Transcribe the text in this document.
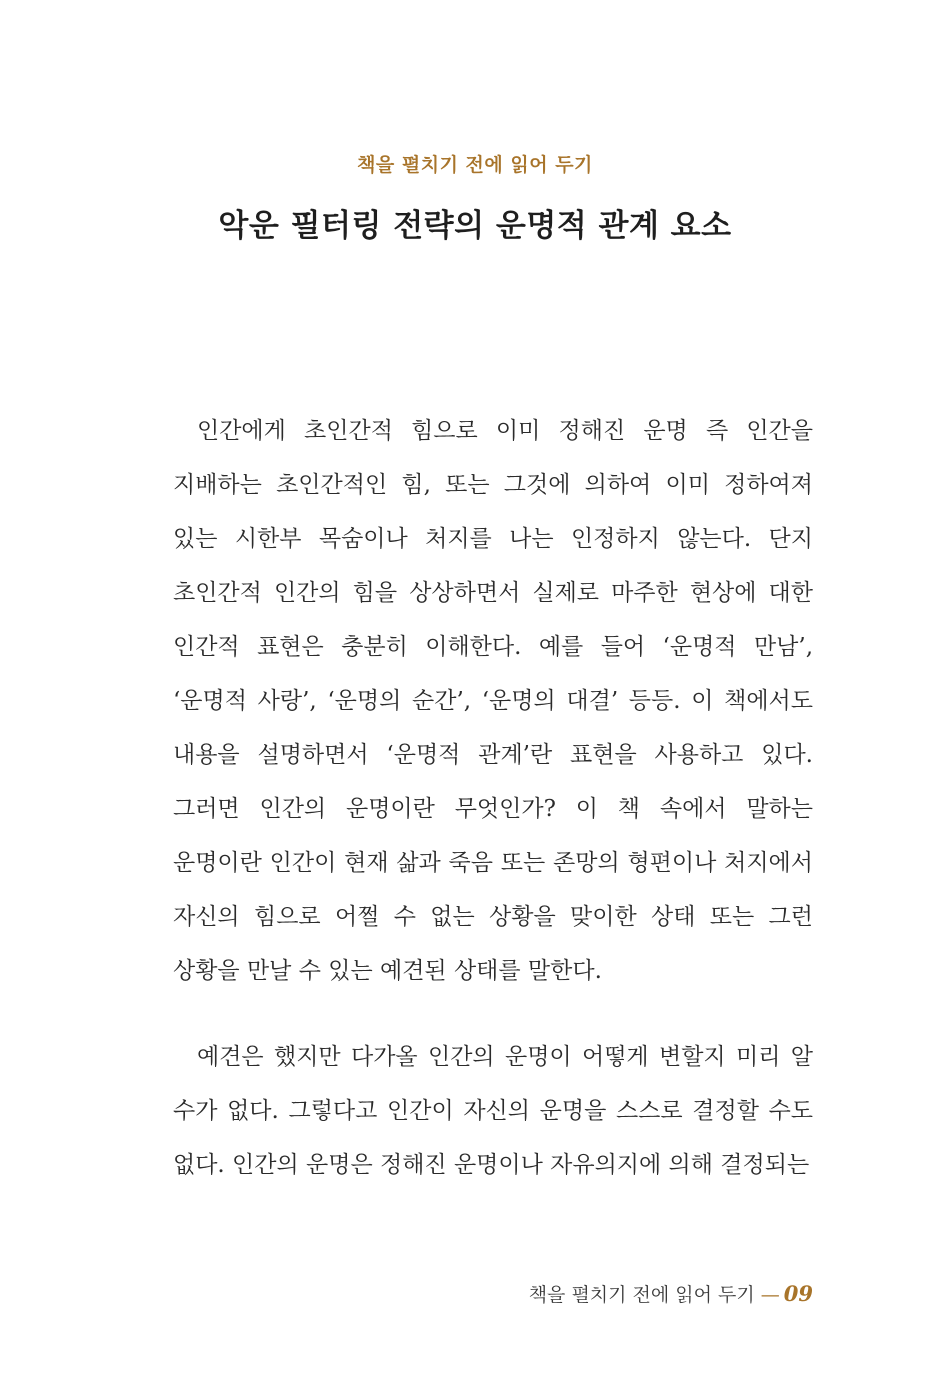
책을 펼치기 전에 읽어 두기
악운 필터링 전략의 운명적 관계 요소

인간에게 초인간적 힘으로 이미 정해진 운명 즉 인간을 지배하는 초인간적인 힘, 또는 그것에 의하여 이미 정하여져 있는 시한부 목숨이나 처지를 나는 인정하지 않는다. 단지 초인간적 인간의 힘을 상상하면서 실제로 마주한 현상에 대한 인간적 표현은 충분히 이해한다. 예를 들어 ‘운명적 만남’, ‘운명적 사랑’, ‘운명의 순간’, ‘운명의 대결’ 등등. 이 책에서도 내용을 설명하면서 ‘운명적 관계’란 표현을 사용하고 있다. 그러면 인간의 운명이란 무엇인가? 이 책 속에서 말하는 운명이란 인간이 현재 삶과 죽음 또는 존망의 형편이나 처지에서 자신의 힘으로 어쩔 수 없는 상황을 맞이한 상태 또는 그런 상황을 만날 수 있는 예견된 상태를 말한다.

예견은 했지만 다가올 인간의 운명이 어떻게 변할지 미리 알 수가 없다. 그렇다고 인간이 자신의 운명을 스스로 결정할 수도 없다. 인간의 운명은 정해진 운명이나 자유의지에 의해 결정되는

책을 펼치기 전에 읽어 두기 — 09
